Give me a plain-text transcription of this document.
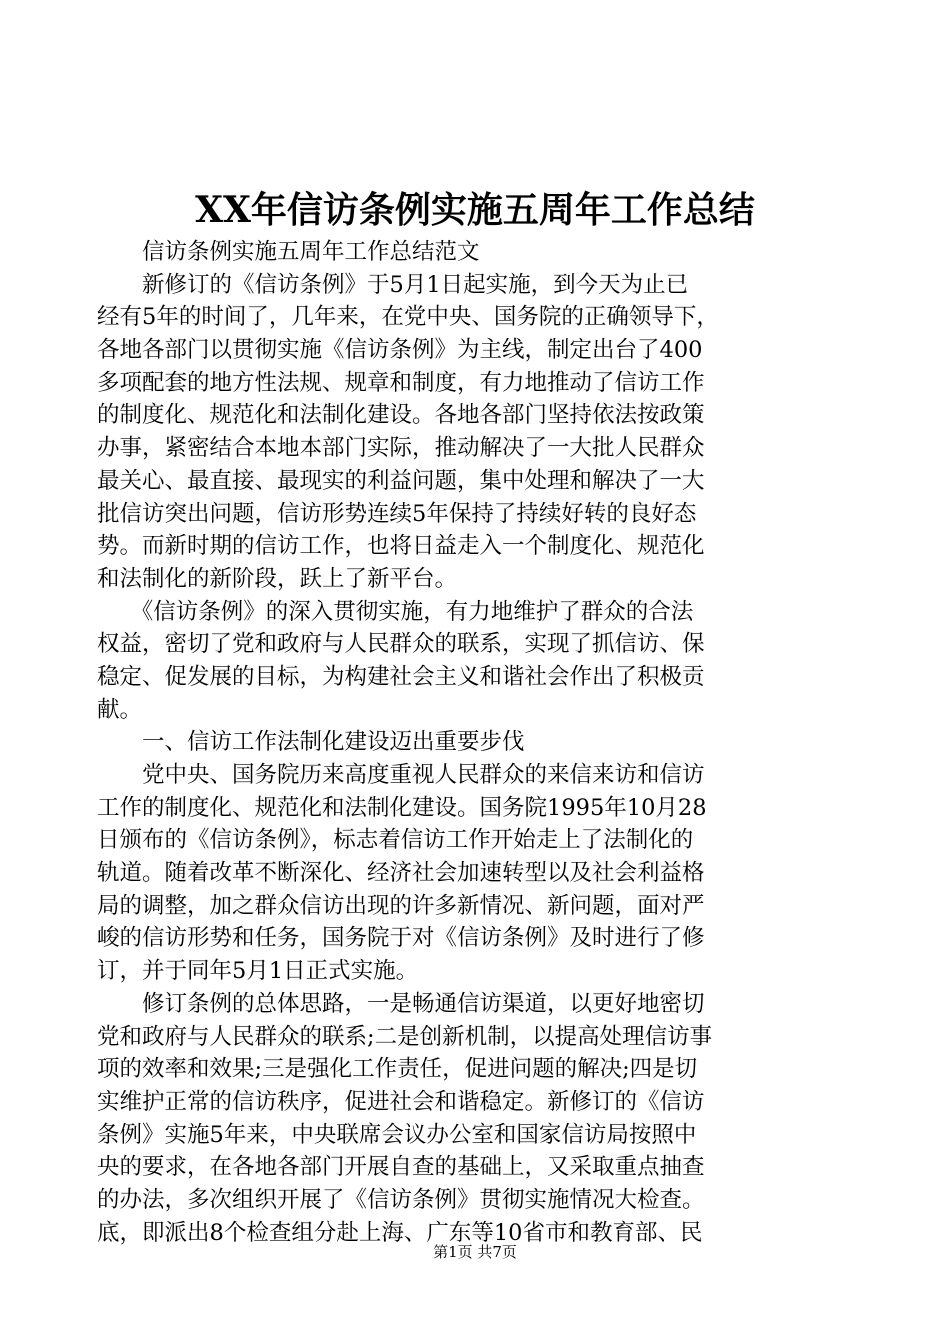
XX年信访条例实施五周年工作总结
　　信访条例实施五周年工作总结范文
　　新修订的《信访条例》于5月1日起实施，到今天为止已
经有5年的时间了，几年来，在党中央、国务院的正确领导下，
各地各部门以贯彻实施《信访条例》为主线，制定出台了400
多项配套的地方性法规、规章和制度，有力地推动了信访工作
的制度化、规范化和法制化建设。各地各部门坚持依法按政策
办事，紧密结合本地本部门实际，推动解决了一大批人民群众
最关心、最直接、最现实的利益问题，集中处理和解决了一大
批信访突出问题，信访形势连续5年保持了持续好转的良好态
势。而新时期的信访工作，也将日益走入一个制度化、规范化
和法制化的新阶段，跃上了新平台。
　　《信访条例》的深入贯彻实施，有力地维护了群众的合法
权益，密切了党和政府与人民群众的联系，实现了抓信访、保
稳定、促发展的目标，为构建社会主义和谐社会作出了积极贡
献。
　　一、信访工作法制化建设迈出重要步伐
　　党中央、国务院历来高度重视人民群众的来信来访和信访
工作的制度化、规范化和法制化建设。国务院1995年10月28
日颁布的《信访条例》，标志着信访工作开始走上了法制化的
轨道。随着改革不断深化、经济社会加速转型以及社会利益格
局的调整，加之群众信访出现的许多新情况、新问题，面对严
峻的信访形势和任务，国务院于对《信访条例》及时进行了修
订，并于同年5月1日正式实施。
　　修订条例的总体思路，一是畅通信访渠道，以更好地密切
党和政府与人民群众的联系;二是创新机制，以提高处理信访事
项的效率和效果;三是强化工作责任，促进问题的解决;四是切
实维护正常的信访秩序，促进社会和谐稳定。新修订的《信访
条例》实施5年来，中央联席会议办公室和国家信访局按照中
央的要求，在各地各部门开展自查的基础上，又采取重点抽查
的办法，多次组织开展了《信访条例》贯彻实施情况大检查。
底，即派出8个检查组分赴上海、广东等10省市和教育部、民
第1页 共7页
